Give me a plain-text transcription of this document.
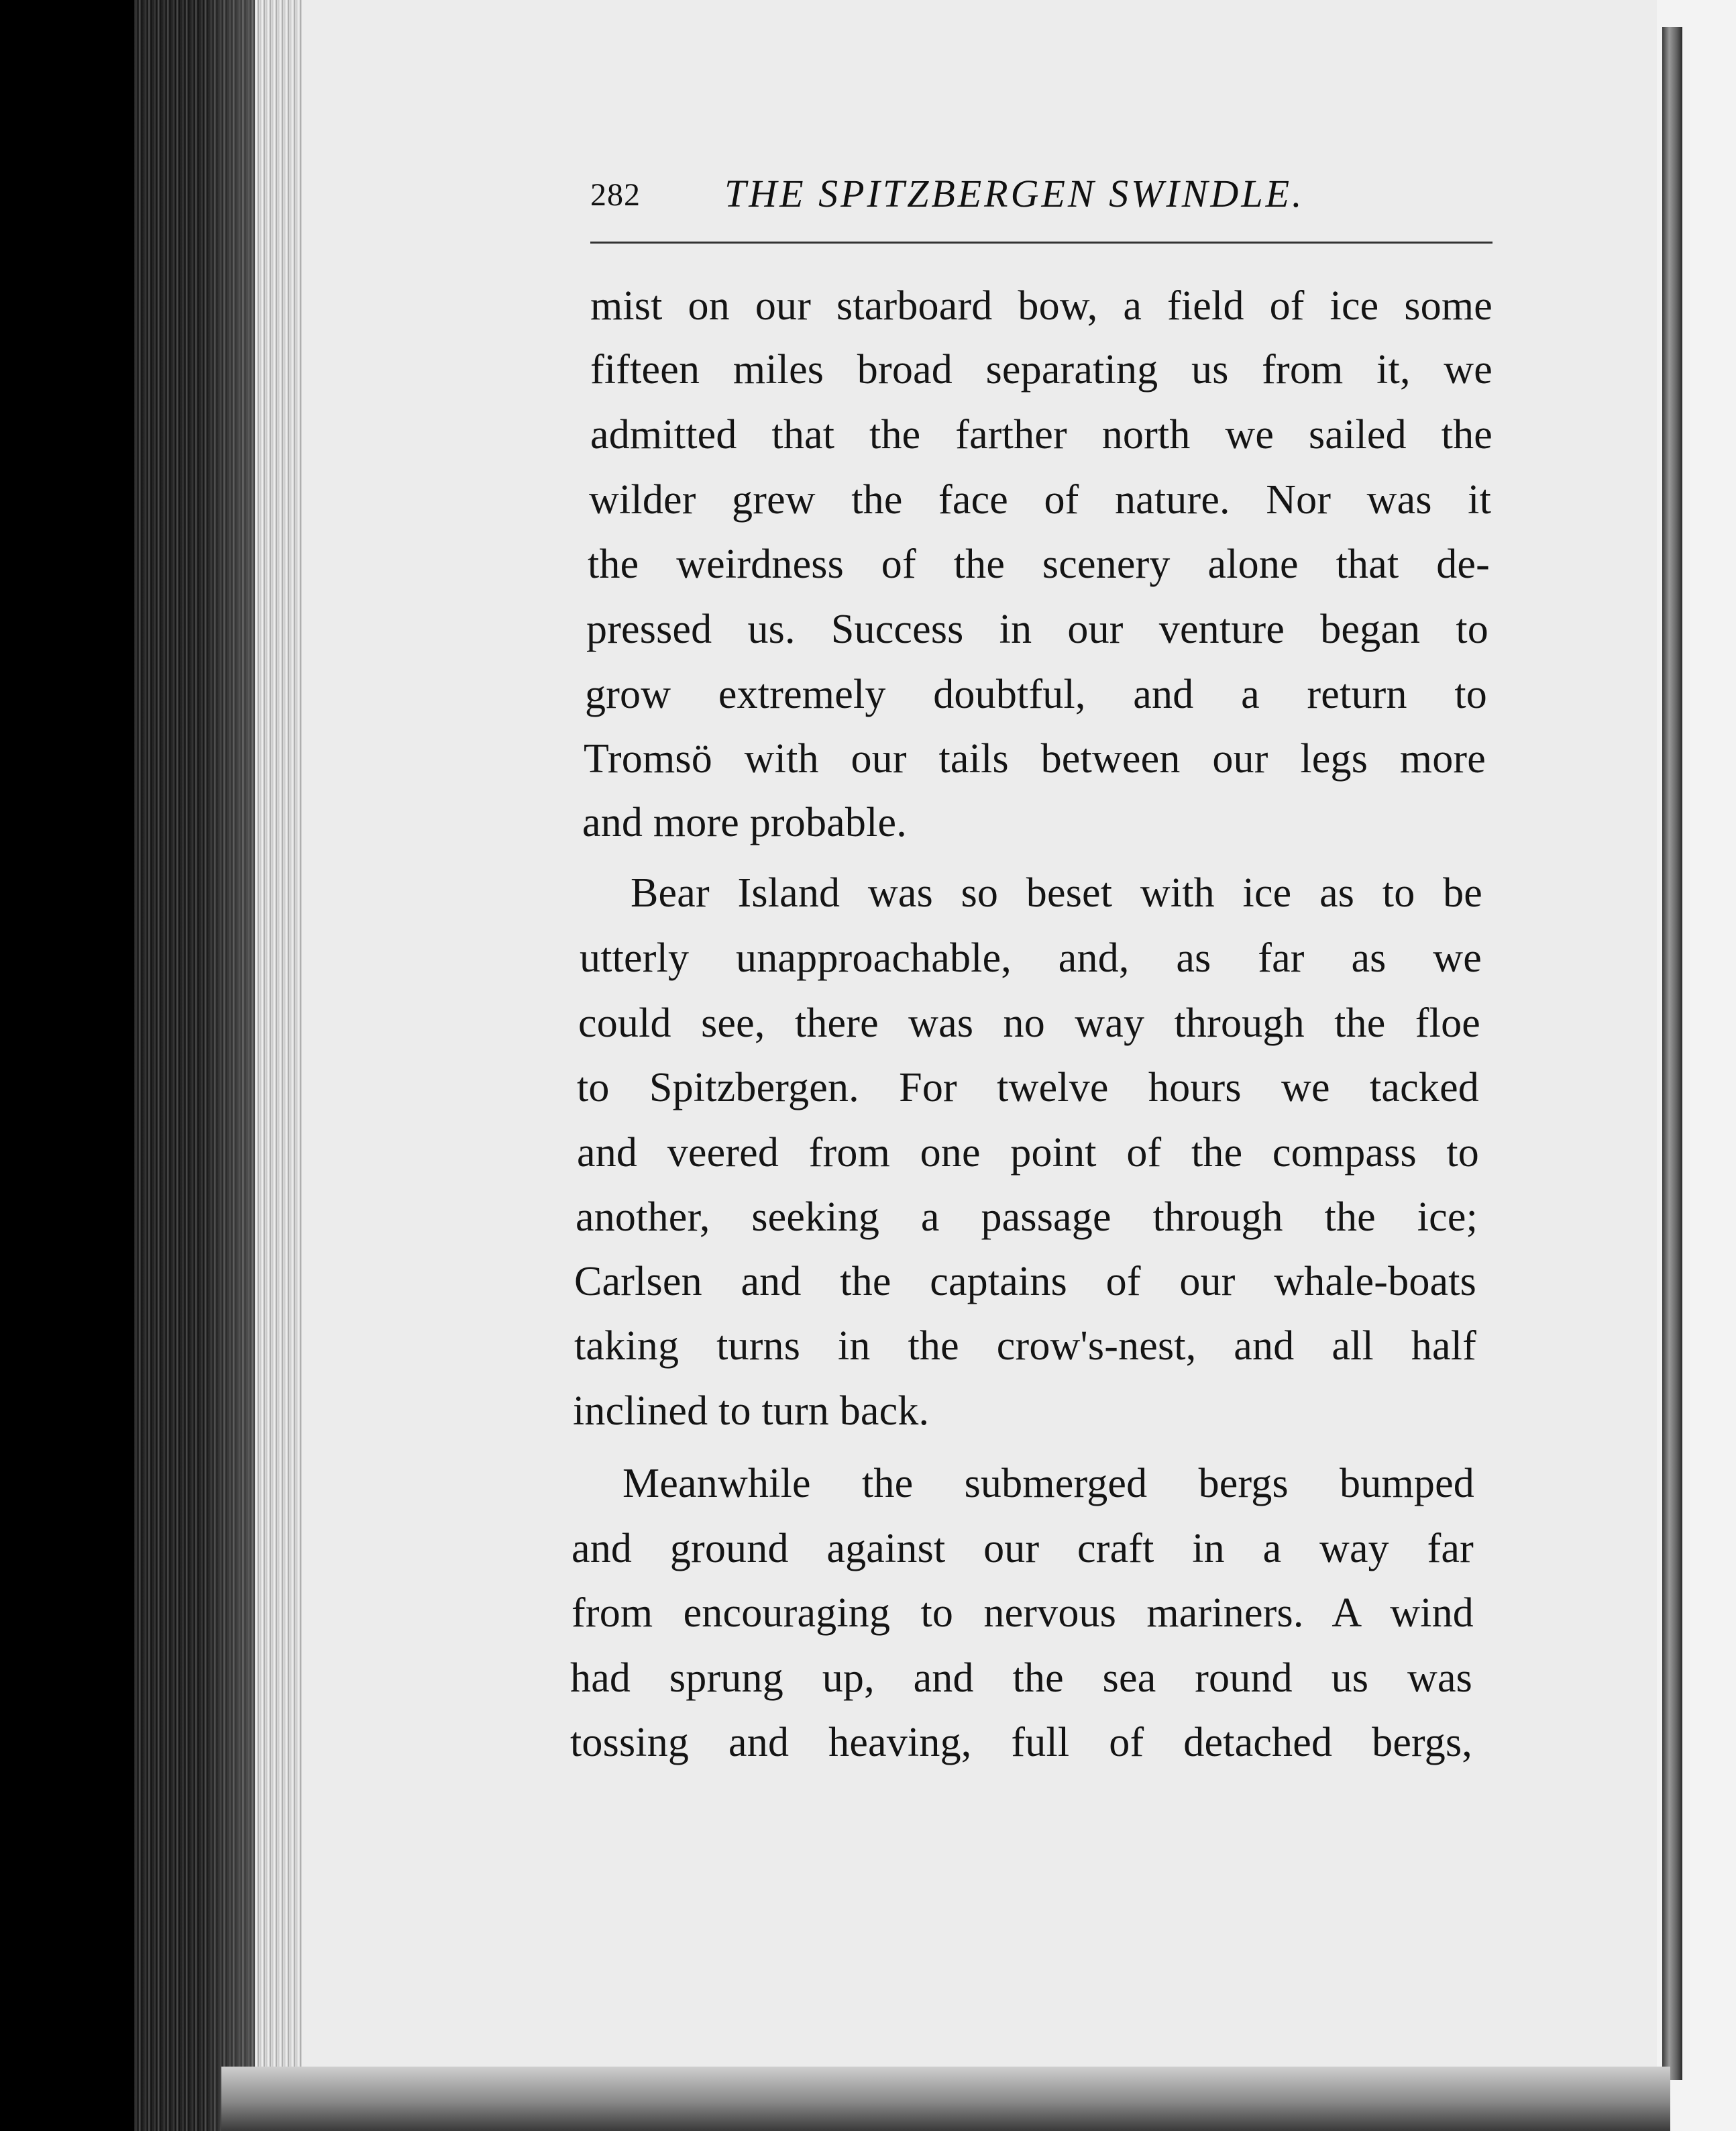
282 THE SPITZBERGEN SWINDLE.
mist on our starboard bow, a field of ice some
fifteen miles broad separating us from it, we
admitted that the farther north we sailed the
wilder grew the face of nature. Nor was it
the weirdness of the scenery alone that de-
pressed us. Success in our venture began to
grow extremely doubtful, and a return to
Tromsö with our tails between our legs more
and more probable.
Bear Island was so beset with ice as to be
utterly unapproachable, and, as far as we
could see, there was no way through the floe
to Spitzbergen. For twelve hours we tacked
and veered from one point of the compass to
another, seeking a passage through the ice;
Carlsen and the captains of our whale-boats
taking turns in the crow's-nest, and all half
inclined to turn back.
Meanwhile the submerged bergs bumped
and ground against our craft in a way far
from encouraging to nervous mariners. A wind
had sprung up, and the sea round us was
tossing and heaving, full of detached bergs,
